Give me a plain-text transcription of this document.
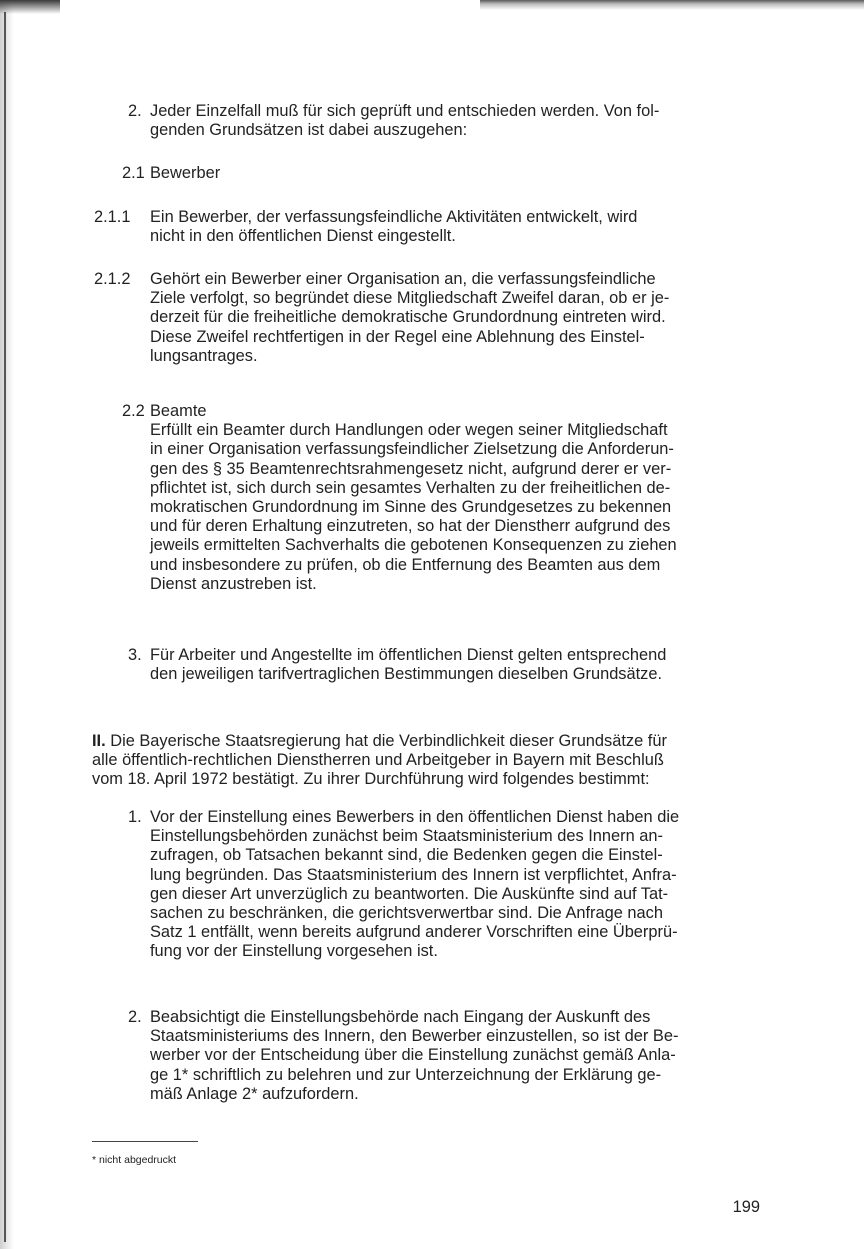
2. Jeder Einzelfall muß für sich geprüft und entschieden werden. Von fol-

genden Grundsätzen ist dabei auszugehen:

2.1 Bewerber

2.1.1	Ein Bewerber, der verfassungsfeindliche Aktivitäten entwickelt, wird

nicht in den öffentlichen Dienst eingestellt.

2.1.2	Gehört ein Bewerber einer Organisation an, die verfassungsfeindliche

Ziele verfolgt, so begründet diese Mitgliedschaft Zweifel daran, ob er je-

derzeit für die freiheitliche demokratische Grundordnung eintreten wird.

Diese Zweifel rechtfertigen in der Regel eine Ablehnung des Einstel-

lungsantrages.

2.2 Beamte

Erfüllt ein Beamter durch Handlungen oder wegen seiner Mitgliedschaft

in einer Organisation verfassungsfeindlicher Zielsetzung die Anforderun-

gen des § 35 Beamtenrechtsrahmengesetz nicht, aufgrund derer er ver-

pflichtet ist, sich durch sein gesamtes Verhalten zu der freiheitlichen de-

mokratischen Grundordnung im Sinne des Grundgesetzes zu bekennen

und für deren Erhaltung einzutreten, so hat der Dienstherr aufgrund des

jeweils ermittelten Sachverhalts die gebotenen Konsequenzen zu ziehen

und insbesondere zu prüfen, ob die Entfernung des Beamten aus dem

Dienst anzustreben ist.

3. Für Arbeiter und Angestellte im öffentlichen Dienst gelten entsprechend

den jeweiligen tarifvertraglichen Bestimmungen dieselben Grundsätze.

II. Die Bayerische Staatsregierung hat die Verbindlichkeit dieser Grundsätze für

alle öffentlich-rechtlichen Dienstherren und Arbeitgeber in Bayern mit Beschluß

vom 18. April 1972 bestätigt. Zu ihrer Durchführung wird folgendes bestimmt:

1. Vor der Einstellung eines Bewerbers in den öffentlichen Dienst haben die

Einstellungsbehörden zunächst beim Staatsministerium des Innern an-

zufragen, ob Tatsachen bekannt sind, die Bedenken gegen die Einstel-

lung begründen. Das Staatsministerium des Innern ist verpflichtet, Anfra-

gen dieser Art unverzüglich zu beantworten. Die Auskünfte sind auf Tat-

sachen zu beschränken, die gerichtsverwertbar sind. Die Anfrage nach

Satz 1 entfällt, wenn bereits aufgrund anderer Vorschriften eine Überprü-

fung vor der Einstellung vorgesehen ist.

2. Beabsichtigt die Einstellungsbehörde nach Eingang der Auskunft des

Staatsministeriums des Innern, den Bewerber einzustellen, so ist der Be-

werber vor der Entscheidung über die Einstellung zunächst gemäß Anla-

ge 1* schriftlich zu belehren und zur Unterzeichnung der Erklärung ge-

mäß Anlage 2* aufzufordern.

* nicht abgedruckt
199
